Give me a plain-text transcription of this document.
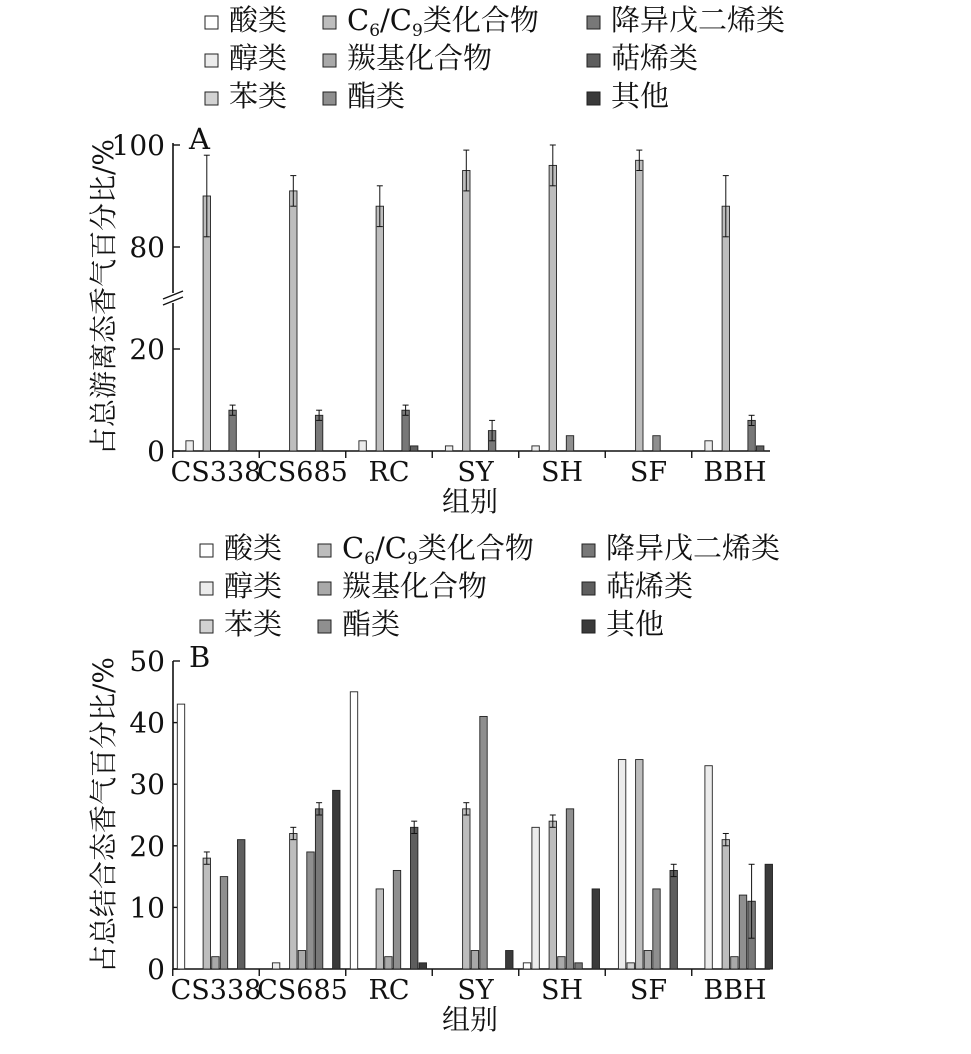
酸类
醇类
苯类
$C_6/C_9$类化合物
羰基化合物
酯类
降异戊二烯类
萜烯类
其他
0
20
80
100 A
占总游离态香气百分比/%
组别
CS338
CS685 RC SY SH SF BBH
酸类
醇类
苯类
$C_6/C_9$类化合物
羰基化合物
酯类
降异戊二烯类
萜烯类
其他
0
10
20
30
40
50 B
占总结合态香气百分比/%
组别
CS338
CS685 RC SY SH SF BBH
